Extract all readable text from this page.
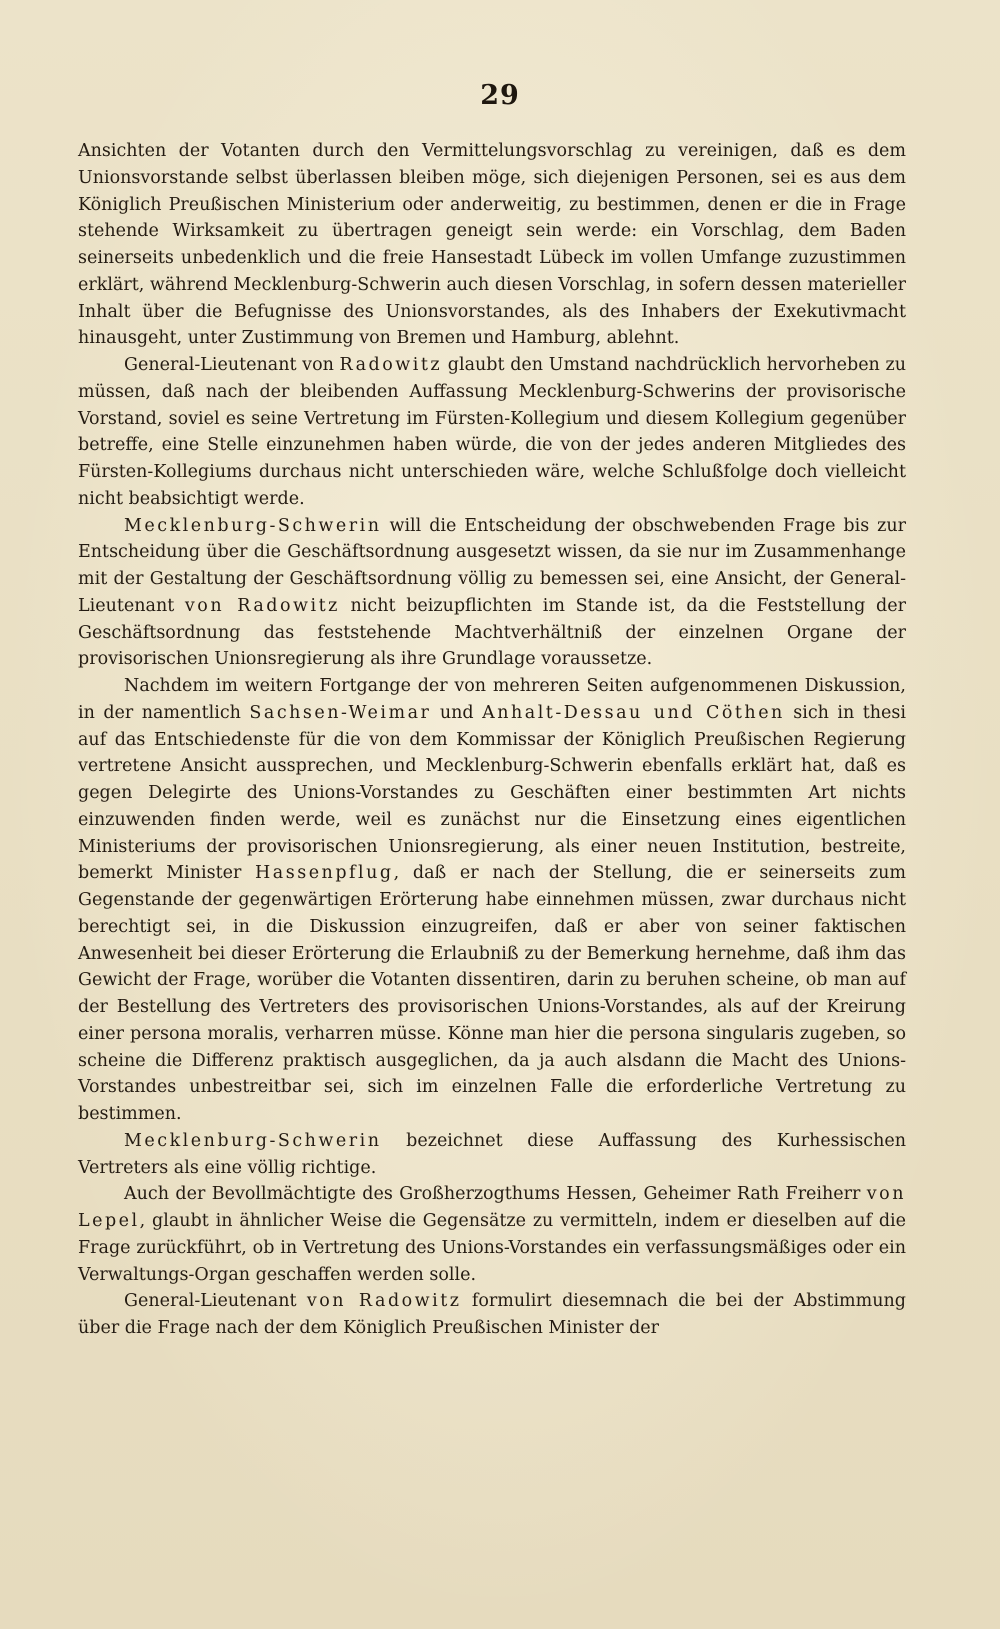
29

Ansichten der Votanten durch den Vermittelungsvorschlag zu vereinigen, daß es dem Unionsvorstande selbst überlassen bleiben möge, sich diejenigen Personen, sei es aus dem Königlich Preußischen Ministerium oder anderweitig, zu bestimmen, denen er die in Frage stehende Wirksamkeit zu übertragen geneigt sein werde: ein Vorschlag, dem Baden seinerseits unbedenklich und die freie Hansestadt Lübeck im vollen Umfange zuzustimmen erklärt, während Mecklenburg-Schwerin auch diesen Vorschlag, in sofern dessen materieller Inhalt über die Befugnisse des Unionsvorstandes, als des Inhabers der Exekutivmacht hinausgeht, unter Zustimmung von Bremen und Hamburg, ablehnt.

General-Lieutenant von Radowitz glaubt den Umstand nachdrücklich hervorheben zu müssen, daß nach der bleibenden Auffassung Mecklenburg-Schwerins der provisorische Vorstand, soviel es seine Vertretung im Fürsten-Kollegium und diesem Kollegium gegenüber betreffe, eine Stelle einzunehmen haben würde, die von der jedes anderen Mitgliedes des Fürsten-Kollegiums durchaus nicht unterschieden wäre, welche Schlußfolge doch vielleicht nicht beabsichtigt werde.

Mecklenburg-Schwerin will die Entscheidung der obschwebenden Frage bis zur Entscheidung über die Geschäftsordnung ausgesetzt wissen, da sie nur im Zusammenhange mit der Gestaltung der Geschäftsordnung völlig zu bemessen sei, eine Ansicht, der General-Lieutenant von Radowitz nicht beizupflichten im Stande ist, da die Feststellung der Geschäftsordnung das feststehende Machtverhältniß der einzelnen Organe der provisorischen Unionsregierung als ihre Grundlage voraussetze.

Nachdem im weitern Fortgange der von mehreren Seiten aufgenommenen Diskussion, in der namentlich Sachsen-Weimar und Anhalt-Dessau und Cöthen sich in thesi auf das Entschiedenste für die von dem Kommissar der Königlich Preußischen Regierung vertretene Ansicht aussprechen, und Mecklenburg-Schwerin ebenfalls erklärt hat, daß es gegen Delegirte des Unions-Vorstandes zu Geschäften einer bestimmten Art nichts einzuwenden finden werde, weil es zunächst nur die Einsetzung eines eigentlichen Ministeriums der provisorischen Unionsregierung, als einer neuen Institution, bestreite, bemerkt Minister Hassenpflug, daß er nach der Stellung, die er seinerseits zum Gegenstande der gegenwärtigen Erörterung habe einnehmen müssen, zwar durchaus nicht berechtigt sei, in die Diskussion einzugreifen, daß er aber von seiner faktischen Anwesenheit bei dieser Erörterung die Erlaubniß zu der Bemerkung hernehme, daß ihm das Gewicht der Frage, worüber die Votanten dissentiren, darin zu beruhen scheine, ob man auf der Bestellung des Vertreters des provisorischen Unions-Vorstandes, als auf der Kreirung einer persona moralis, verharren müsse. Könne man hier die persona singularis zugeben, so scheine die Differenz praktisch ausgeglichen, da ja auch alsdann die Macht des Unions-Vorstandes unbestreitbar sei, sich im einzelnen Falle die erforderliche Vertretung zu bestimmen.

Mecklenburg-Schwerin bezeichnet diese Auffassung des Kurhessischen Vertreters als eine völlig richtige.

Auch der Bevollmächtigte des Großherzogthums Hessen, Geheimer Rath Freiherr von Lepel, glaubt in ähnlicher Weise die Gegensätze zu vermitteln, indem er dieselben auf die Frage zurückführt, ob in Vertretung des Unions-Vorstandes ein verfassungsmäßiges oder ein Verwaltungs-Organ geschaffen werden solle.

General-Lieutenant von Radowitz formulirt diesemnach die bei der Abstimmung über die Frage nach der dem Königlich Preußischen Minister der
